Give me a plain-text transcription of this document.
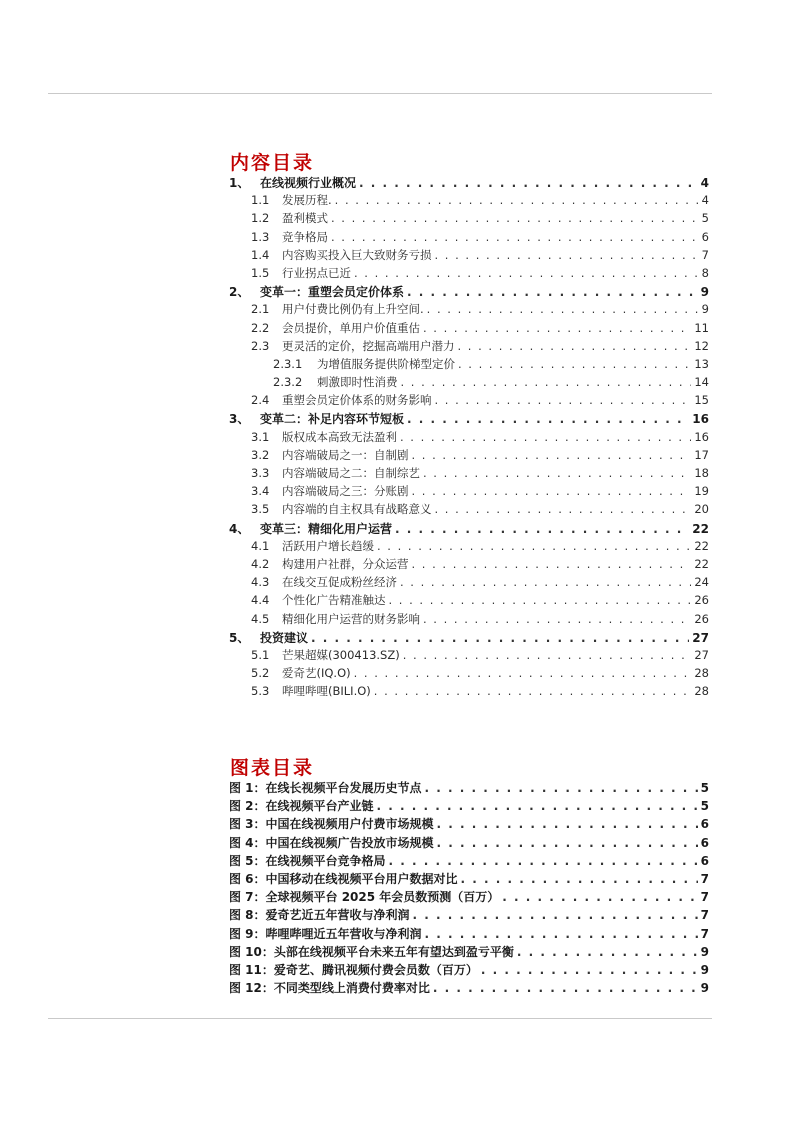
内容目录
1、 在线视频行业概况 . . .	4
1.1	发展历程. . . .	4
1.2	盈利模式 . . .	5
1.3	竞争格局 . . .	6
1.4	内容购买投入巨大致财务亏损 . . .	7
1.5	行业拐点已近 . . .	8
2、 变革一：重塑会员定价体系 . . .	9
2.1	用户付费比例仍有上升空间. . . .	9
2.2	会员提价，单用户价值重估 . . .	11
2.3	更灵活的定价，挖掘高端用户潜力 . . .	12
2.3.1	为增值服务提供阶梯型定价 . . .	13
2.3.2	刺激即时性消费 . . .	14
2.4	重塑会员定价体系的财务影响 . . .	15
3、 变革二：补足内容环节短板 . . .	16
3.1	版权成本高致无法盈利 . . .	16
3.2	内容端破局之一：自制剧 . . .	17
3.3	内容端破局之二：自制综艺 . . .	18
3.4	内容端破局之三：分账剧 . . .	19
3.5	内容端的自主权具有战略意义 . . .	20
4、 变革三：精细化用户运营 . . .	22
4.1	活跃用户增长趋缓 . . .	22
4.2	构建用户社群，分众运营 . . .	22
4.3	在线交互促成粉丝经济 . . .	24
4.4	个性化广告精准触达 . . .	26
4.5	精细化用户运营的财务影响 . . .	26
5、 投资建议 . . .	27
5.1	芒果超媒(300413.SZ) . . .	27
5.2	爱奇艺(IQ.O) . . .	28
5.3	哔哩哔哩(BILI.O) . . .	28
图表目录
图 1：在线长视频平台发展历史节点 . . .	5
图 2：在线视频平台产业链 . . .	5
图 3：中国在线视频用户付费市场规模 . . .	6
图 4：中国在线视频广告投放市场规模 . . .	6
图 5：在线视频平台竞争格局 . . .	6
图 6：中国移动在线视频平台用户数据对比 . . .	7
图 7：全球视频平台 2025 年会员数预测（百万） . . .	7
图 8：爱奇艺近五年营收与净利润 . . .	7
图 9：哔哩哔哩近五年营收与净利润 . . .	7
图 10：头部在线视频平台未来五年有望达到盈亏平衡 . . .	9
图 11：爱奇艺、腾讯视频付费会员数（百万） . . .	9
图 12：不同类型线上消费付费率对比 . . .	9
